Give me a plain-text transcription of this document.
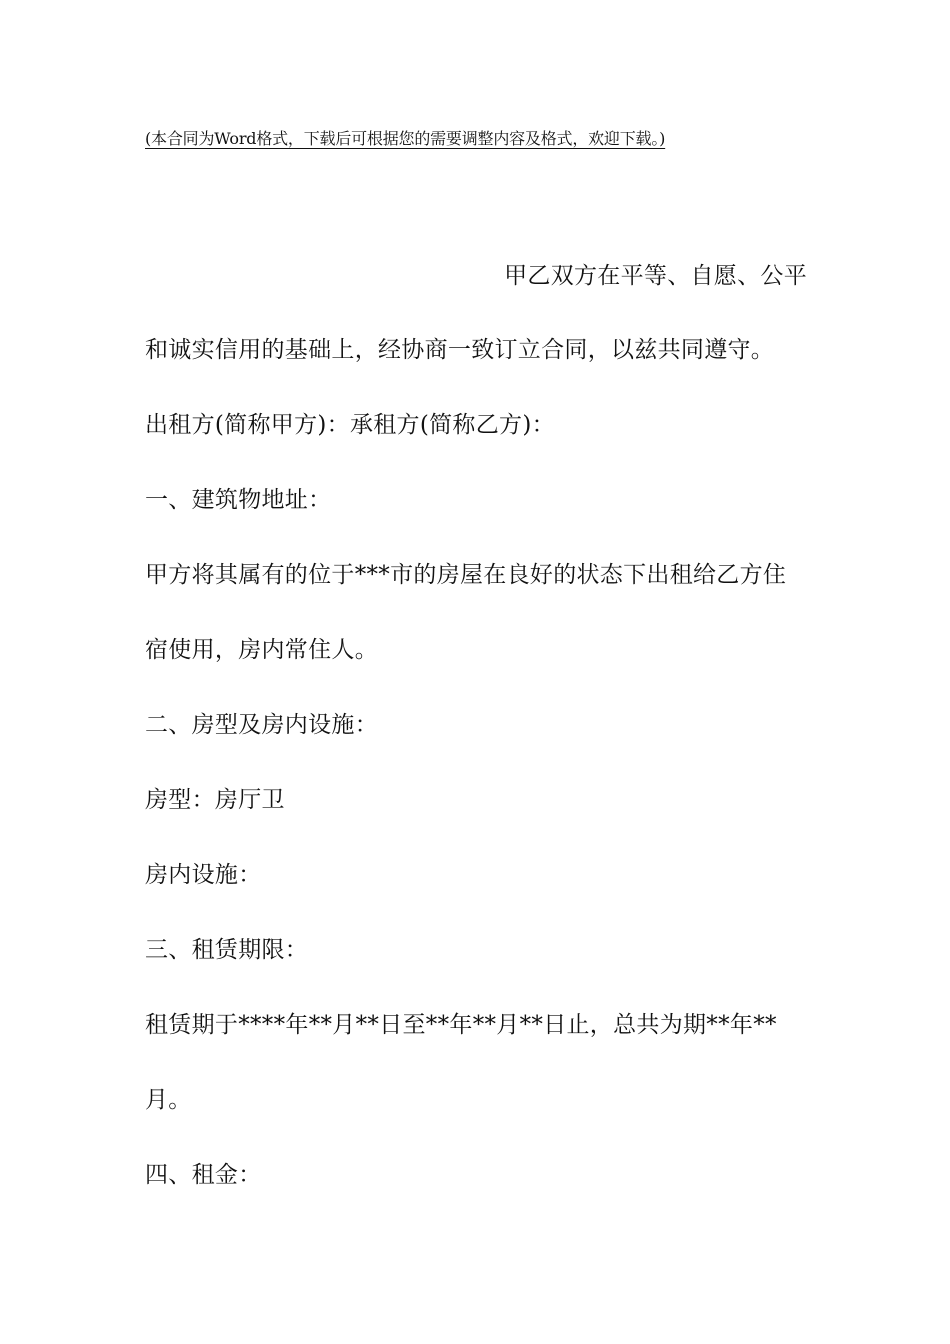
(本合同为Word格式，下载后可根据您的需要调整内容及格式，欢迎下载。)
甲乙双方在平等、自愿、公平
和诚实信用的基础上，经协商一致订立合同，以兹共同遵守。
出租方(简称甲方)：承租方(简称乙方)：
一、建筑物地址：
甲方将其属有的位于***市的房屋在良好的状态下出租给乙方住
宿使用，房内常住人。
二、房型及房内设施：
房型：房厅卫
房内设施：
三、租赁期限：
租赁期于****年**月**日至**年**月**日止，总共为期**年**
月。
四、租金：
